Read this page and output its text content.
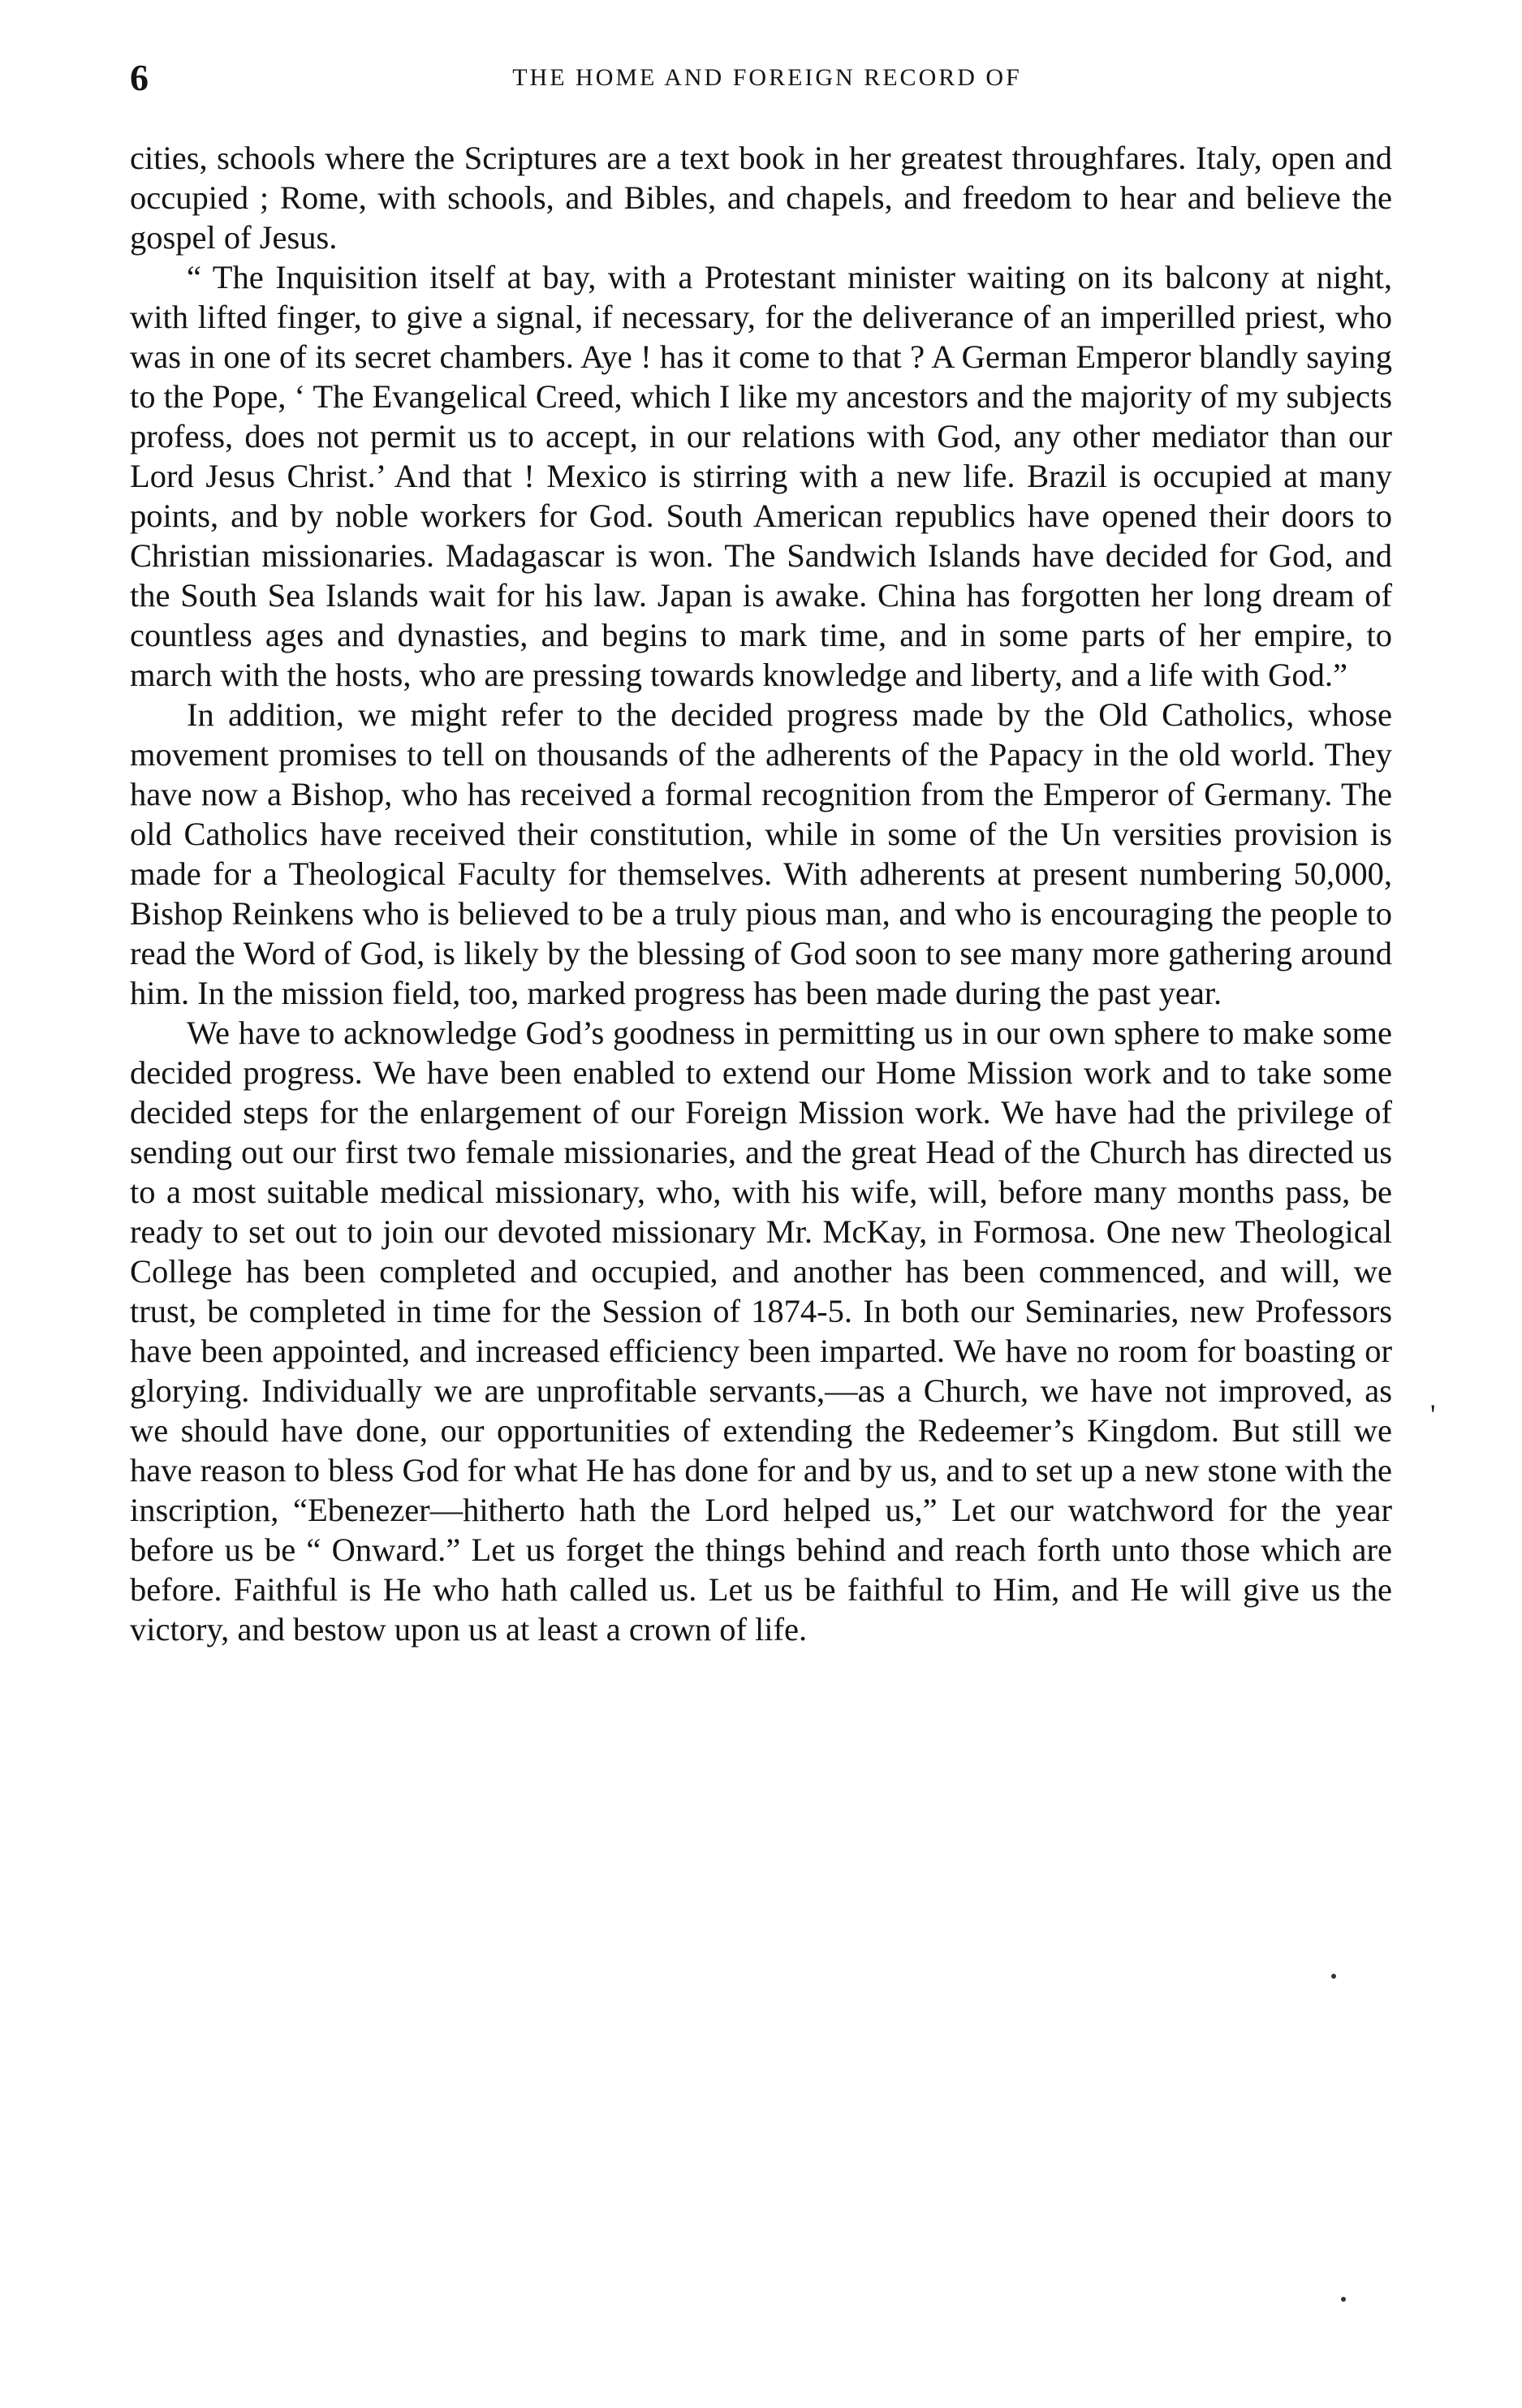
6	THE HOME AND FOREIGN RECORD OF

cities, schools where the Scriptures are a text book in her greatest throughfares. Italy, open and occupied ; Rome, with schools, and Bibles, and chapels, and freedom to hear and believe the gospel of Jesus.

“ The Inquisition itself at bay, with a Protestant minister waiting on its balcony at night, with lifted finger, to give a signal, if necessary, for the deliverance of an imperilled priest, who was in one of its secret chambers. Aye ! has it come to that ? A German Emperor blandly saying to the Pope, ‘ The Evangelical Creed, which I like my ancestors and the majority of my subjects profess, does not permit us to accept, in our relations with God, any other mediator than our Lord Jesus Christ.’ And that ! Mexico is stirring with a new life. Brazil is occupied at many points, and by noble workers for God. South American republics have opened their doors to Christian missionaries. Madagascar is won. The Sandwich Islands have decided for God, and the South Sea Islands wait for his law. Japan is awake. China has forgotten her long dream of countless ages and dynasties, and begins to mark time, and in some parts of her empire, to march with the hosts, who are pressing towards knowledge and liberty, and a life with God.”

In addition, we might refer to the decided progress made by the Old Catholics, whose movement promises to tell on thousands of the adherents of the Papacy in the old world. They have now a Bishop, who has received a formal recognition from the Emperor of Germany. The old Catholics have received their constitution, while in some of the Un versities provision is made for a Theological Faculty for themselves. With adherents at present numbering 50,000, Bishop Reinkens who is believed to be a truly pious man, and who is encouraging the people to read the Word of God, is likely by the blessing of God soon to see many more gathering around him. In the mission field, too, marked progress has been made during the past year.

We have to acknowledge God’s goodness in permitting us in our own sphere to make some decided progress. We have been enabled to extend our Home Mission work and to take some decided steps for the enlargement of our Foreign Mission work. We have had the privilege of sending out our first two female missionaries, and the great Head of the Church has directed us to a most suitable medical missionary, who, with his wife, will, before many months pass, be ready to set out to join our devoted missionary Mr. McKay, in Formosa. One new Theological College has been completed and occupied, and another has been commenced, and will, we trust, be completed in time for the Session of 1874-5. In both our Seminaries, new Professors have been appointed, and increased efficiency been imparted. We have no room for boasting or glorying. Individually we are unprofitable servants,—as a Church, we have not improved, as we should have done, our opportunities of extending the Redeemer’s Kingdom. But still we have reason to bless God for what He has done for and by us, and to set up a new stone with the inscription, “Ebenezer—hitherto hath the Lord helped us,” Let our watchword for the year before us be “ Onward.” Let us forget the things behind and reach forth unto those which are before. Faithful is He who hath called us. Let us be faithful to Him, and He will give us the victory, and bestow upon us at least a crown of life.

'
